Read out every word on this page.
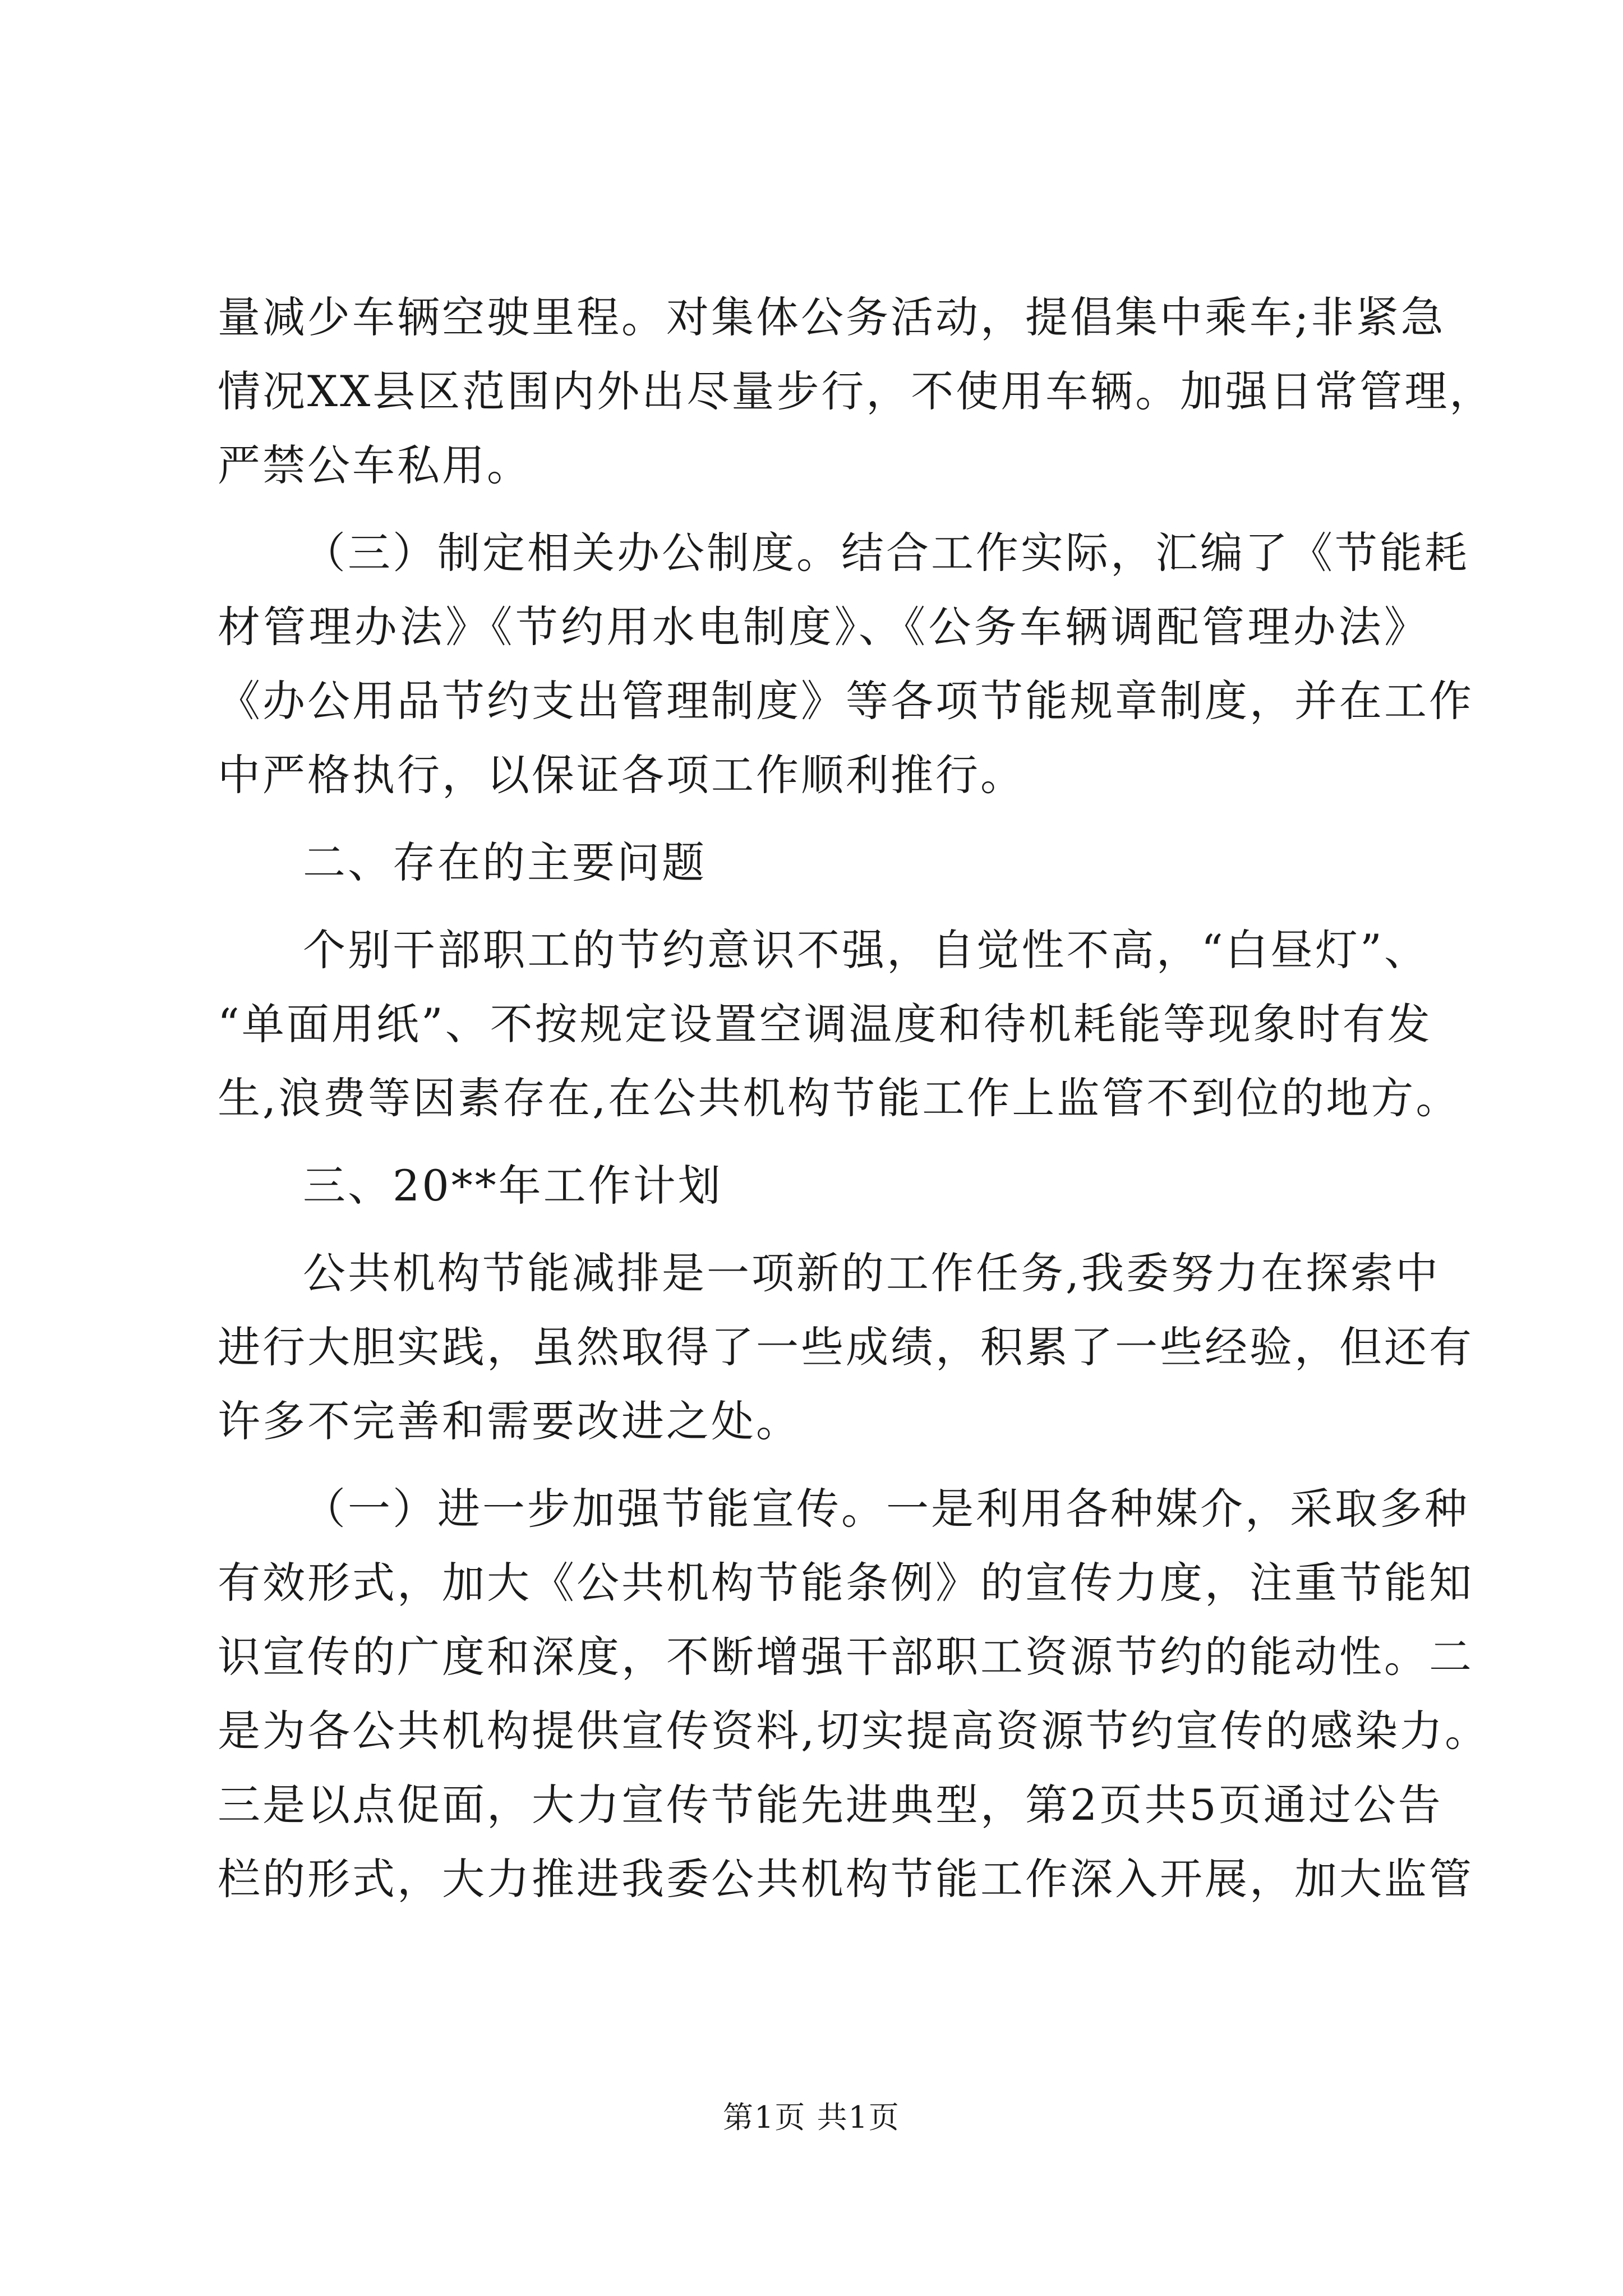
量减少车辆空驶里程。对集体公务活动，提倡集中乘车;非紧急
情况XX县区范围内外出尽量步行，不使用车辆。加强日常管理，
严禁公车私用。
（三）制定相关办公制度。结合工作实际，汇编了《节能耗
材管理办法》《节约用水电制度》、《公务车辆调配管理办法》
《办公用品节约支出管理制度》等各项节能规章制度，并在工作
中严格执行，以保证各项工作顺利推行。
二、存在的主要问题
个别干部职工的节约意识不强，自觉性不高，“白昼灯”、
“单面用纸”、不按规定设置空调温度和待机耗能等现象时有发
生,浪费等因素存在,在公共机构节能工作上监管不到位的地方。
三、20**年工作计划
公共机构节能减排是一项新的工作任务,我委努力在探索中
进行大胆实践，虽然取得了一些成绩，积累了一些经验，但还有
许多不完善和需要改进之处。
（一）进一步加强节能宣传。一是利用各种媒介，采取多种
有效形式，加大《公共机构节能条例》的宣传力度，注重节能知
识宣传的广度和深度，不断增强干部职工资源节约的能动性。二
是为各公共机构提供宣传资料,切实提高资源节约宣传的感染力。
三是以点促面，大力宣传节能先进典型，第2页共5页通过公告
栏的形式，大力推进我委公共机构节能工作深入开展，加大监管
第1页 共1页
